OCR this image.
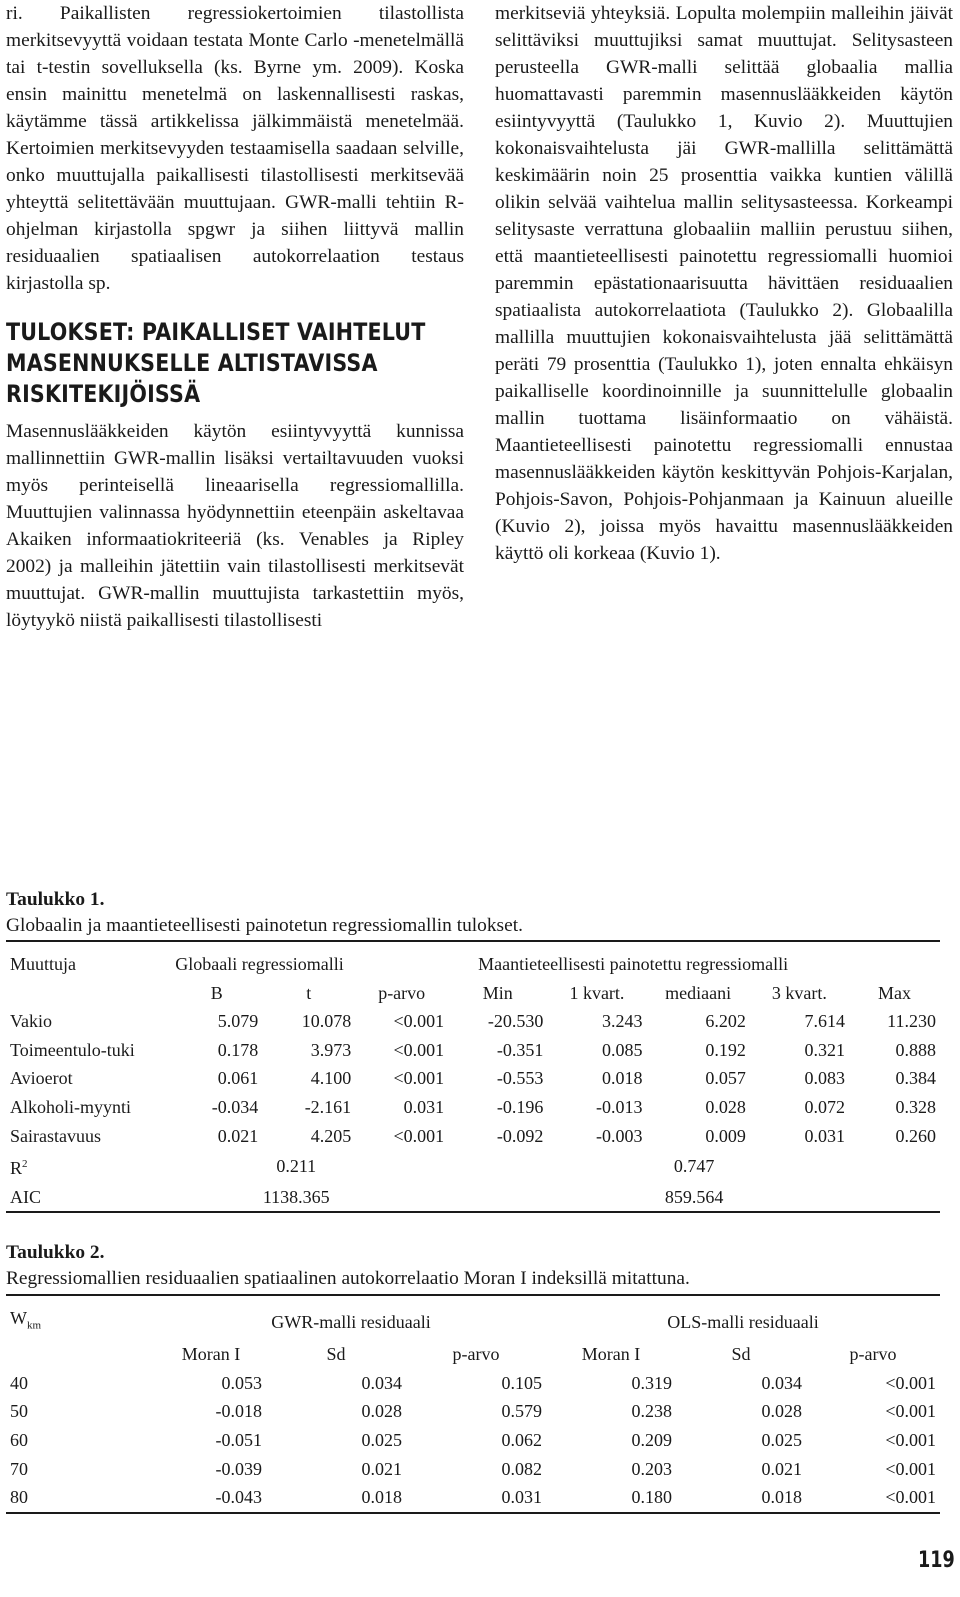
ri. Paikallisten regressiokertoimien tilastollista merkitsevyyttä voidaan testata Monte Carlo -menetelmällä tai t-testin sovelluksella (ks. Byrne ym. 2009). Koska ensin mainittu menetelmä on laskennallisesti raskas, käytämme tässä artikkelissa jälkimmäistä menetelmää. Kertoimien merkitsevyyden testaamisella saadaan selville, onko muuttujalla paikallisesti tilastollisesti merkitsevää yhteyttä selitettävään muuttujaan. GWR-malli tehtiin R-ohjelman kirjastolla spgwr ja siihen liittyvä mallin residuaalien spatiaalisen autokorrelaation testaus kirjastolla sp.

TULOKSET: PAIKALLISET VAIHTELUT
MASENNUKSELLE ALTISTAVISSA
RISKITEKIJÖISSÄ

Masennuslääkkeiden käytön esiintyvyyttä kunnissa mallinnettiin GWR-mallin lisäksi vertailtavuuden vuoksi myös perinteisellä lineaarisella regressiomallilla. Muuttujien valinnassa hyödynnettiin eteenpäin askeltavaa Akaiken informaatiokriteeriä (ks. Venables ja Ripley 2002) ja malleihin jätettiin vain tilastollisesti merkitsevät muuttujat. GWR-mallin muuttujista tarkastettiin myös, löytyykö niistä paikallisesti tilastollisesti

merkitseviä yhteyksiä. Lopulta molempiin malleihin jäivät selittäviksi muuttujiksi samat muuttujat. Selitysasteen perusteella GWR-malli selittää globaalia mallia huomattavasti paremmin masennuslääkkeiden käytön esiintyvyyttä (Taulukko 1, Kuvio 2). Muuttujien kokonaisvaihtelusta jäi GWR-mallilla selittämättä keskimäärin noin 25 prosenttia vaikka kuntien välillä olikin selvää vaihtelua mallin selitysasteessa. Korkeampi selitysaste verrattuna globaaliin malliin perustuu siihen, että maantieteellisesti painotettu regressiomalli huomioi paremmin epästationaarisuutta hävittäen residuaalien spatiaalista autokorrelaatiota (Taulukko 2). Globaalilla mallilla muuttujien kokonaisvaihtelusta jää selittämättä peräti 79 prosenttia (Taulukko 1), joten ennalta ehkäisyn paikalliselle koordinoinnille ja suunnittelulle globaalin mallin tuottama lisäinformaatio on vähäistä. Maantieteellisesti painotettu regressiomalli ennustaa masennuslääkkeiden käytön keskittyvän Pohjois-Karjalan, Pohjois-Savon, Pohjois-Pohjanmaan ja Kainuun alueille (Kuvio 2), joissa myös havaittu masennuslääkkeiden käyttö oli korkeaa (Kuvio 1).

Taulukko 1.
Globaalin ja maantieteellisesti painotetun regressiomallin tulokset.
Muuttuja	Globaali regressiomalli			Maantieteellisesti painotettu regressiomalli				
	B	t	p-arvo	Min	1 kvart.	mediaani	3 kvart.	Max
Vakio	5.079	10.078	<0.001	-20.530	3.243	6.202	7.614	11.230
Toimeentulo-tuki	0.178	3.973	<0.001	-0.351	0.085	0.192	0.321	0.888
Avioerot	0.061	4.100	<0.001	-0.553	0.018	0.057	0.083	0.384
Alkoholi-myynti	-0.034	-2.161	0.031	-0.196	-0.013	0.028	0.072	0.328
Sairastavuus	0.021	4.205	<0.001	-0.092	-0.003	0.009	0.031	0.260
$R^2$	0.211			0.747				
AIC	1138.365			859.564				
Taulukko 2.
Regressiomallien residuaalien spatiaalinen autokorrelaatio Moran I indeksillä mitattuna.
$W_{km}$	GWR-malli residuaali			OLS-malli residuaali		
	Moran I	Sd	p-arvo	Moran I	Sd	p-arvo
40	0.053	0.034	0.105	0.319	0.034	<0.001
50	-0.018	0.028	0.579	0.238	0.028	<0.001
60	-0.051	0.025	0.062	0.209	0.025	<0.001
70	-0.039	0.021	0.082	0.203	0.021	<0.001
80	-0.043	0.018	0.031	0.180	0.018	<0.001
119
